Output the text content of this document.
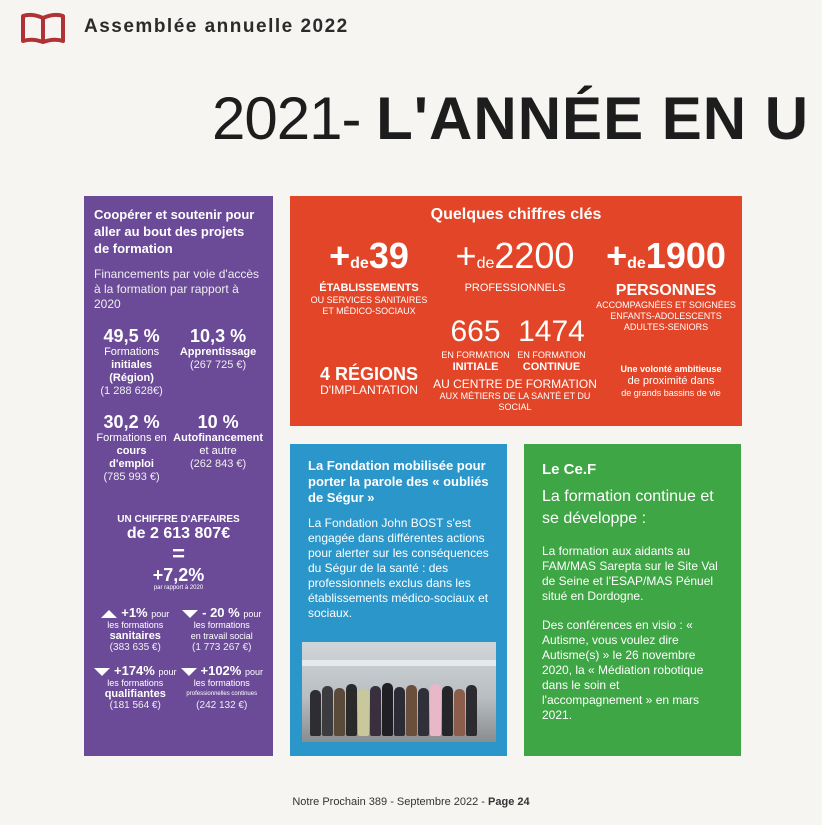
Assemblée annuelle 2022
2021- L'ANNÉE EN U
Coopérer et soutenir pour aller au bout des projets de formation
Financements par voie d'accès à la formation par rapport à 2020
49,5 %
Formations
initiales (Région)
(1 288 628€)
10,3 %
Apprentissage
(267 725 €)
30,2 %
Formations en
cours d'emploi
(785 993 €)
10 %
Autofinancement
et autre
(262 843 €)
UN CHIFFRE D'AFFAIRES
de 2 613 807€
=
+7,2%
par rapport à 2020
+1% pour
les formations
sanitaires
(383 635 €)
- 20 % pour
les formations
en travail social
(1 773 267 €)
+174% pour
les formations
qualifiantes
(181 564 €)
+102% pour
les formations
professionnelles continues
(242 132 €)
Quelques chiffres clés
+de39
ÉTABLISSEMENTS
OU SERVICES SANITAIRES ET MÉDICO-SOCIAUX
+de2200
PROFESSIONNELS
+de1900
PERSONNES
ACCOMPAGNÉES ET SOIGNÉES ENFANTS-ADOLESCENTS ADULTES-SENIORS
665
EN FORMATION
INITIALE
1474
EN FORMATION
CONTINUE
AU CENTRE DE FORMATION
AUX MÉTIERS DE LA SANTÉ ET DU SOCIAL
4 RÉGIONS
D'IMPLANTATION
Une volonté ambitieuse
de proximité dans
de grands bassins de vie
La Fondation mobilisée pour porter la parole des « oubliés de Ségur »
La Fondation John BOST s'est engagée dans différentes actions pour alerter sur les conséquences du Ségur de la santé : des professionnels exclus dans les établissements médico-sociaux et sociaux.
Le Ce.F
La formation continue et se développe :
La formation aux aidants au FAM/MAS Sarepta sur le Site Val de Seine et l'ESAP/MAS Pénuel situé en Dordogne.
Des conférences en visio : « Autisme, vous voulez dire Autisme(s) » le 26 novembre 2020, la « Médiation robotique dans le soin et l'accompagnement » en mars 2021.
Notre Prochain 389 - Septembre 2022 - Page 24
